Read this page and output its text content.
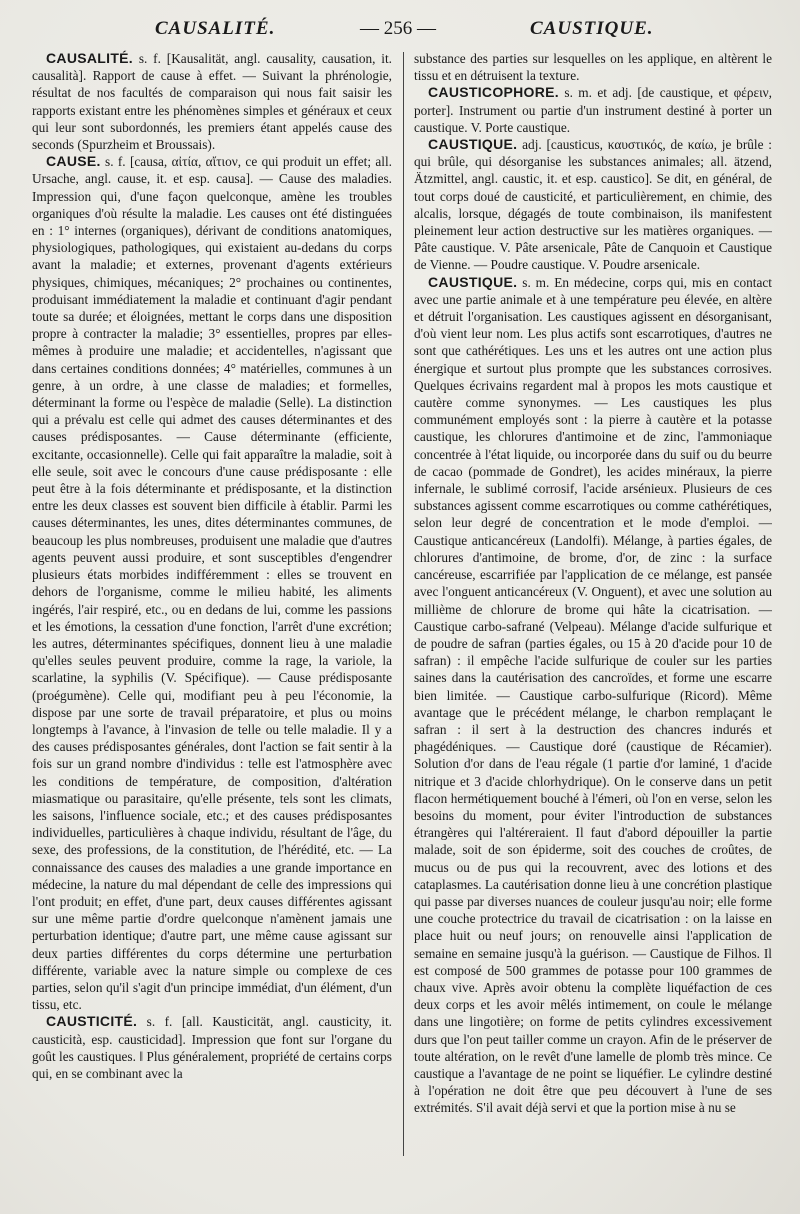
CAUSALITÉ.	— 256 —	CAUSTIQUE.

CAUSALITÉ. s. f. [Kausalität, angl. causality, causation, it. causalità]. Rapport de cause à effet. — Suivant la phrénologie, résultat de nos facultés de comparaison qui nous fait saisir les rapports existant entre les phénomènes simples et généraux et ceux qui leur sont subordonnés, les premiers étant appelés cause des seconds (Spurzheim et Broussais).

CAUSE. s. f. [causa, αἰτία, αἴτιον, ce qui produit un effet; all. Ursache, angl. cause, it. et esp. causa]. — Cause des maladies. Impression qui, d'une façon quelconque, amène les troubles organiques d'où résulte la maladie. Les causes ont été distinguées en : 1° internes (organiques), dérivant de conditions anatomiques, physiologiques, pathologiques, qui existaient au-dedans du corps avant la maladie; et externes, provenant d'agents extérieurs physiques, chimiques, mécaniques; 2° prochaines ou continentes, produisant immédiatement la maladie et continuant d'agir pendant toute sa durée; et éloignées, mettant le corps dans une disposition propre à contracter la maladie; 3° essentielles, propres par elles-mêmes à produire une maladie; et accidentelles, n'agissant que dans certaines conditions données; 4° matérielles, communes à un genre, à un ordre, à une classe de maladies; et formelles, déterminant la forme ou l'espèce de maladie (Selle). La distinction qui a prévalu est celle qui admet des causes déterminantes et des causes prédisposantes. — Cause déterminante (efficiente, excitante, occasionnelle). Celle qui fait apparaître la maladie, soit à elle seule, soit avec le concours d'une cause prédisposante : elle peut être à la fois déterminante et prédisposante, et la distinction entre les deux classes est souvent bien difficile à établir. Parmi les causes déterminantes, les unes, dites déterminantes communes, de beaucoup les plus nombreuses, produisent une maladie que d'autres agents peuvent aussi produire, et sont susceptibles d'engendrer plusieurs états morbides indifféremment : elles se trouvent en dehors de l'organisme, comme le milieu habité, les aliments ingérés, l'air respiré, etc., ou en dedans de lui, comme les passions et les émotions, la cessation d'une fonction, l'arrêt d'une excrétion; les autres, déterminantes spécifiques, donnent lieu à une maladie qu'elles seules peuvent produire, comme la rage, la variole, la scarlatine, la syphilis (V. Spécifique). — Cause prédisposante (proégumène). Celle qui, modifiant peu à peu l'économie, la dispose par une sorte de travail préparatoire, et plus ou moins longtemps à l'avance, à l'invasion de telle ou telle maladie. Il y a des causes prédisposantes générales, dont l'action se fait sentir à la fois sur un grand nombre d'individus : telle est l'atmosphère avec les conditions de température, de composition, d'altération miasmatique ou parasitaire, qu'elle présente, tels sont les climats, les saisons, l'influence sociale, etc.; et des causes prédisposantes individuelles, particulières à chaque individu, résultant de l'âge, du sexe, des professions, de la constitution, de l'hérédité, etc. — La connaissance des causes des maladies a une grande importance en médecine, la nature du mal dépendant de celle des impressions qui l'ont produit; en effet, d'une part, deux causes différentes agissant sur une même partie d'ordre quelconque n'amènent jamais une perturbation identique; d'autre part, une même cause agissant sur deux parties différentes du corps détermine une perturbation différente, variable avec la nature simple ou complexe de ces parties, selon qu'il s'agit d'un principe immédiat, d'un élément, d'un tissu, etc.

CAUSTICITÉ. s. f. [all. Kausticität, angl. causticity, it. causticità, esp. causticidad]. Impression que font sur l'organe du goût les caustiques. ‖ Plus généralement, propriété de certains corps qui, en se combinant avec la

substance des parties sur lesquelles on les applique, en altèrent le tissu et en détruisent la texture.

CAUSTICOPHORE. s. m. et adj. [de caustique, et φέρειν, porter]. Instrument ou partie d'un instrument destiné à porter un caustique. V. Porte caustique.

CAUSTIQUE. adj. [causticus, καυστικός, de καίω, je brûle : qui brûle, qui désorganise les substances animales; all. ätzend, Ätzmittel, angl. caustic, it. et esp. caustico]. Se dit, en général, de tout corps doué de causticité, et particulièrement, en chimie, des alcalis, lorsque, dégagés de toute combinaison, ils manifestent pleinement leur action destructive sur les matières organiques. — Pâte caustique. V. Pâte arsenicale, Pâte de Canquoin et Caustique de Vienne. — Poudre caustique. V. Poudre arsenicale.

CAUSTIQUE. s. m. En médecine, corps qui, mis en contact avec une partie animale et à une température peu élevée, en altère et détruit l'organisation. Les caustiques agissent en désorganisant, d'où vient leur nom. Les plus actifs sont escarrotiques, d'autres ne sont que cathérétiques. Les uns et les autres ont une action plus énergique et surtout plus prompte que les substances corrosives. Quelques écrivains regardent mal à propos les mots caustique et cautère comme synonymes. — Les caustiques les plus communément employés sont : la pierre à cautère et la potasse caustique, les chlorures d'antimoine et de zinc, l'ammoniaque concentrée à l'état liquide, ou incorporée dans du suif ou du beurre de cacao (pommade de Gondret), les acides minéraux, la pierre infernale, le sublimé corrosif, l'acide arsénieux. Plusieurs de ces substances agissent comme escarrotiques ou comme cathérétiques, selon leur degré de concentration et le mode d'emploi. — Caustique anticancéreux (Landolfi). Mélange, à parties égales, de chlorures d'antimoine, de brome, d'or, de zinc : la surface cancéreuse, escarrifiée par l'application de ce mélange, est pansée avec l'onguent anticancéreux (V. Onguent), et avec une solution au millième de chlorure de brome qui hâte la cicatrisation. — Caustique carbo-safrané (Velpeau). Mélange d'acide sulfurique et de poudre de safran (parties égales, ou 15 à 20 d'acide pour 10 de safran) : il empêche l'acide sulfurique de couler sur les parties saines dans la cautérisation des cancroïdes, et forme une escarre bien limitée. — Caustique carbo-sulfurique (Ricord). Même avantage que le précédent mélange, le charbon remplaçant le safran : il sert à la destruction des chancres indurés et phagédéniques. — Caustique doré (caustique de Récamier). Solution d'or dans de l'eau régale (1 partie d'or laminé, 1 d'acide nitrique et 3 d'acide chlorhydrique). On le conserve dans un petit flacon hermétiquement bouché à l'émeri, où l'on en verse, selon les besoins du moment, pour éviter l'introduction de substances étrangères qui l'altéreraient. Il faut d'abord dépouiller la partie malade, soit de son épiderme, soit des couches de croûtes, de mucus ou de pus qui la recouvrent, avec des lotions et des cataplasmes. La cautérisation donne lieu à une concrétion plastique qui passe par diverses nuances de couleur jusqu'au noir; elle forme une couche protectrice du travail de cicatrisation : on la laisse en place huit ou neuf jours; on renouvelle ainsi l'application de semaine en semaine jusqu'à la guérison. — Caustique de Filhos. Il est composé de 500 grammes de potasse pour 100 grammes de chaux vive. Après avoir obtenu la complète liquéfaction de ces deux corps et les avoir mêlés intimement, on coule le mélange dans une lingotière; on forme de petits cylindres excessivement durs que l'on peut tailler comme un crayon. Afin de le préserver de toute altération, on le revêt d'une lamelle de plomb très mince. Ce caustique a l'avantage de ne point se liquéfier. Le cylindre destiné à l'opération ne doit être que peu découvert à l'une de ses extrémités. S'il avait déjà servi et que la portion mise à nu se
